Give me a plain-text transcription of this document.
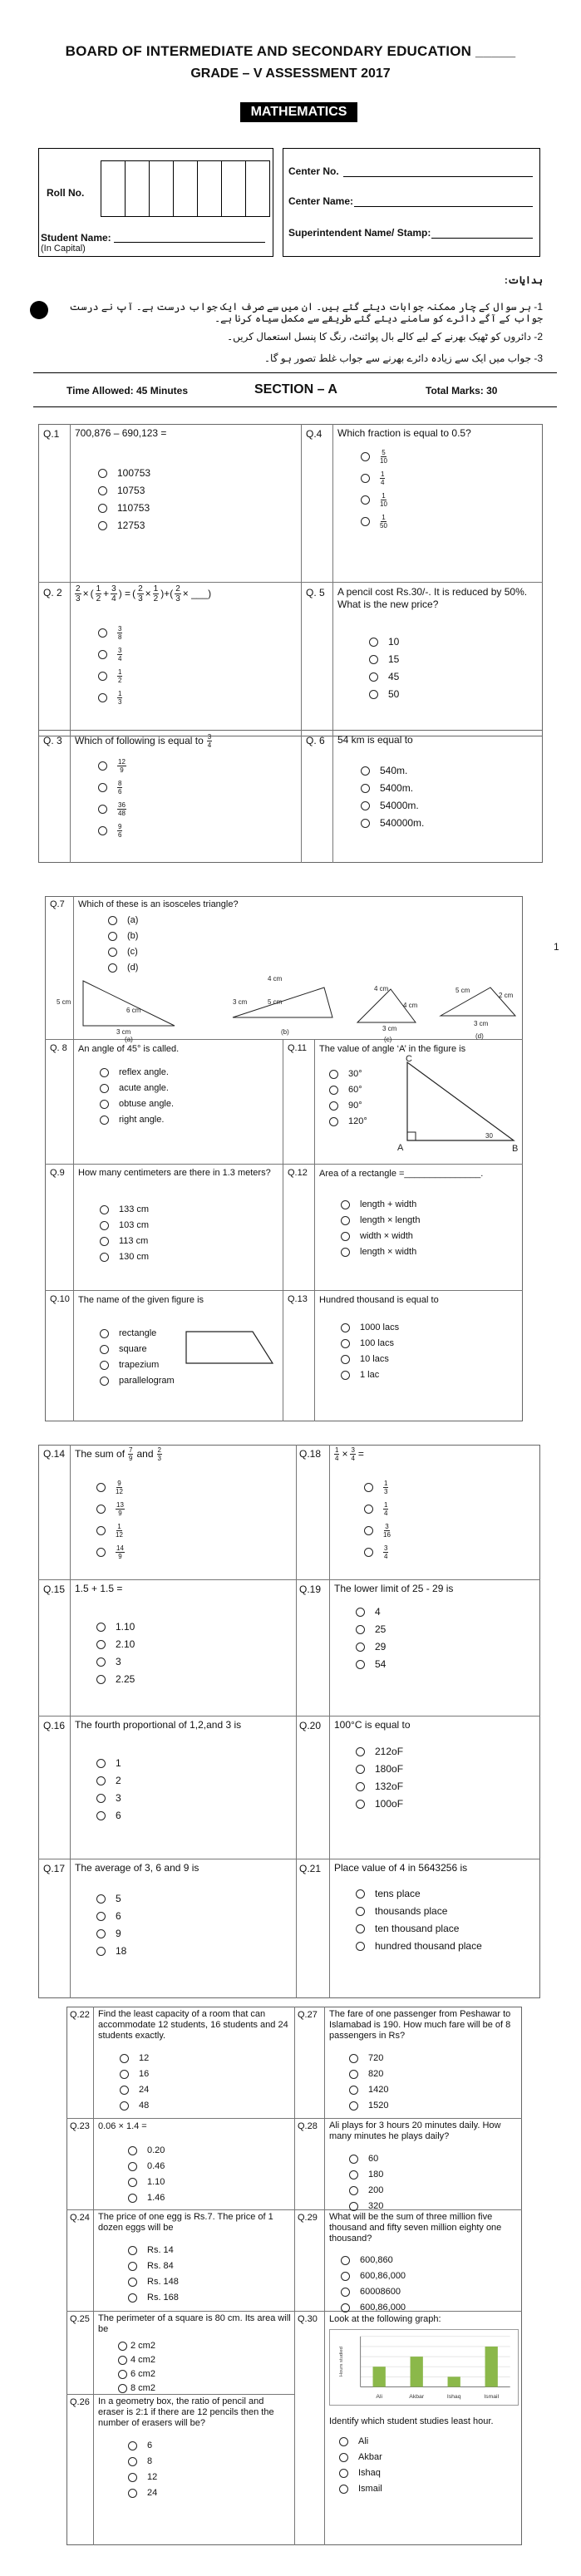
BOARD OF INTERMEDIATE AND SECONDARY EDUCATION _____
GRADE – V ASSESSMENT 2017
MATHEMATICS
Roll No.
Student Name:
(In Capital)
Center No.
Center Name:
Superintendent Name/ Stamp:
ہدایات:
1- ہر سوال کے چار ممکنہ جوابات دیئے گئے ہیں۔ ان میں سے صرف ایک جواب درست ہے۔ آپ نے درست جواب کے آگے دائرے کو سامنے دیئے گئے طریقے سے مکمل سیاہ کرنا ہے۔
2- دائروں کو ٹھیک بھرنے کے لیے کالے بال پوائنٹ، رنگ کا پنسل استعمال کریں۔
3- جواب میں ایک سے زیادہ دائرے بھرنے سے جواب غلط تصور ہو گا۔
Time Allowed: 45 Minutes	SECTION – A	Total Marks: 30
Q.1 700,876 – 690,123 =
100753
10753
110753
12753
Q.4 Which fraction is equal to 0.5?
$\frac{5}{10}$
$\frac{1}{4}$
$\frac{1}{10}$
$\frac{1}{50}$
Q. $2 \frac{2}{3}$ × ( $\frac{1}{2} + \frac{3}{4}$ ) = ( $\frac{2}{3} \times \frac{1}{2}$ )+( $\frac{2}{3}$ × ___)
$\frac{3}{8}$
$\frac{3}{4}$
$\frac{1}{2}$
$\frac{1}{3}$
Q. 5 A pencil cost Rs.30/-. It is reduced by 50%. What is the new price?
10
15
45
50
Q. 3 Which of following is equal to $\frac{3}{4}$	Q. 6 54 km is equal to
$\frac{12}{9}$
$\frac{8}{6}$
$\frac{36}{48}$
$\frac{9}{6}$
540m.
5400m.
54000m.
540000m.
1
Q.7 Which of these is an isosceles triangle?
(a)
(b)
(c)
(d)
5 cm
6 cm
3 cm
(a)
4 cm
3 cm	5 cm
(b)
4 cm
4 cm
3 cm
(c)
5 cm
2 cm
3 cm
(d)
Q. 8 An angle of 45° is called.
reflex angle.
acute angle.
obtuse angle.
right angle.
Q.11 The value of angle ‘A’ in the figure is
30°
60°
90°
120°
C
A	B
30
Q.9 How many centimeters are there in 1.3 meters?
133 cm
103 cm
113 cm
130 cm
Q.12 Area of a rectangle =_______________.
length + width
length × length
width × width
length × width
Q.10 The name of the given figure is
rectangle
square
trapezium
parallelogram
Q.13 Hundred thousand is equal to
1000 lacs
100 lacs
10 lacs
1 lac
Q.14 The sum of $\frac{7}{9}$ and $\frac{2}{3}$
$\frac{9}{12}$
$\frac{13}{9}$
$\frac{1}{12}$
$\frac{14}{9}$
$Q.18 \frac{1}{4} \times \frac{3}{4}$ =
$\frac{1}{3}$
$\frac{1}{4}$
$\frac{3}{16}$
$\frac{3}{4}$
Q.15 1.5 + 1.5 =
1.10
2.10
3
2.25
Q.19 The lower limit of 25 - 29 is
4
25
29
54
Q.16 The fourth proportional of 1,2,and 3 is
1
2
3
6
Q.20 100°C is equal to
212oF
180oF
132oF
100oF
Q.17 The average of 3, 6 and 9 is
5
6
9
18
Q.21 Place value of 4 in 5643256 is
tens place
thousands place
ten thousand place
hundred thousand place
Q.22 Find the least capacity of a room that can accommodate 12 students, 16 students and 24 students exactly.
12
16
24
48
Q.27 The fare of one passenger from Peshawar to Islamabad is 190. How much fare will be of 8 passengers in Rs?
720
820
1420
1520
Q.23 0.06 × 1.4 =
0.20
0.46
1.10
1.46
Q.28 Ali plays for 3 hours 20 minutes daily. How many minutes he plays daily?
60
180
200
320
Q.24 The price of one egg is Rs.7. The price of 1 dozen eggs will be
Rs. 14
Rs. 84
Rs. 148
Rs. 168
Q.29 What will be the sum of three million five thousand and fifty seven million eighty one thousand?
600,860
600,86,000
60008600
600,86,000
Q.25 The perimeter of a square is 80 cm. Its area will be
2 cm2
4 cm2
6 cm2
8 cm2
Q.26 In a geometry box, the ratio of pencil and eraser is 2:1 if there are 12 pencils then the number of erasers will be?
6
8
12
24
Q.30 Look at the following graph:
Ali	Akbar	Ishaq	Ismail
Hours studied
Identify which student studies least hour.
Ali
Akbar
Ishaq
Ismail
